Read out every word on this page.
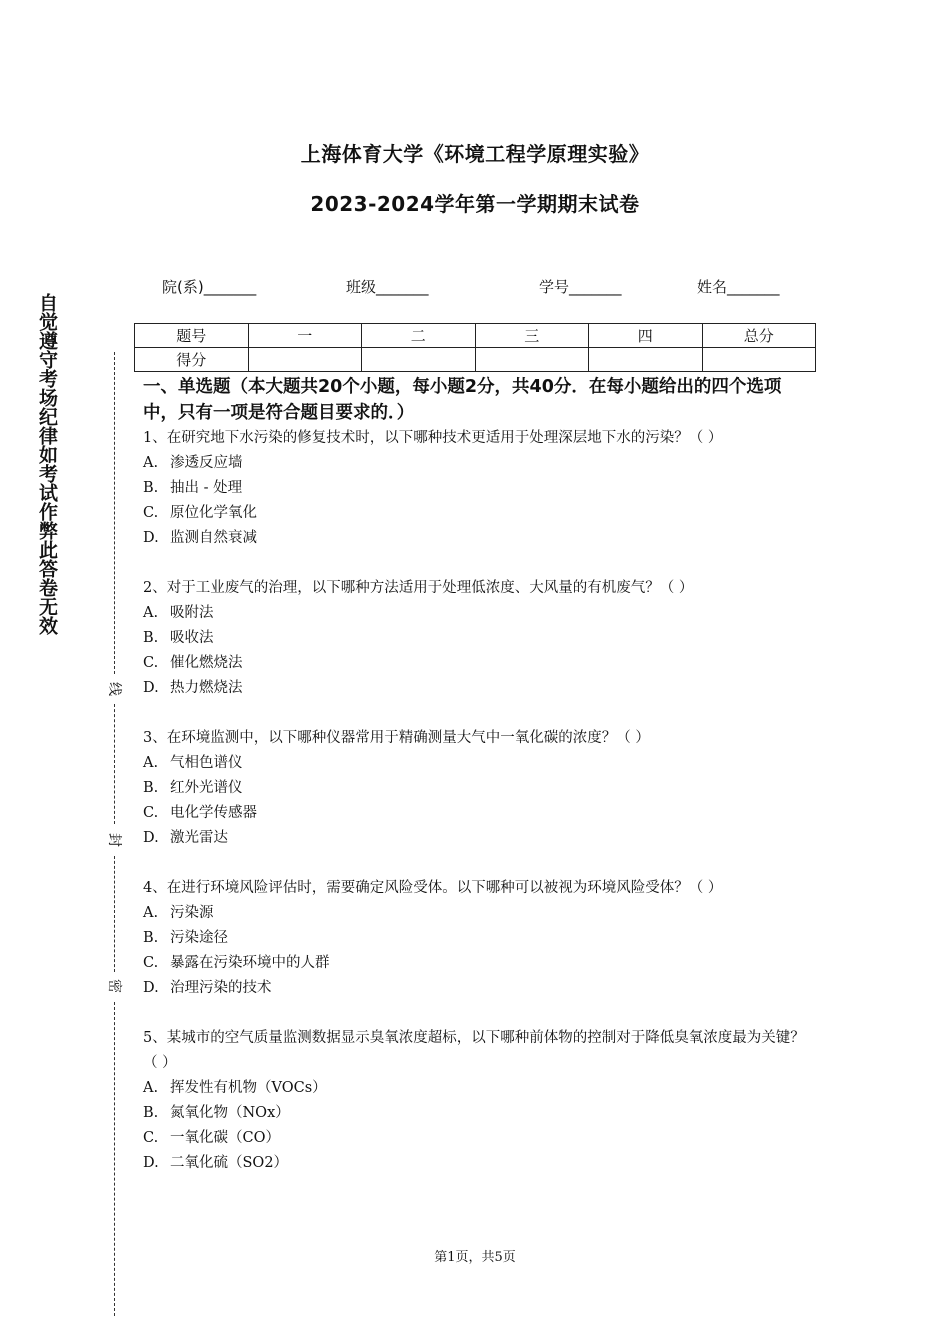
上海体育大学《环境工程学原理实验》
2023-2024学年第一学期期末试卷
院(系)_______	班级_______	学号_______	姓名_______
题号	一	二	三	四	总分
得分					
自觉遵守考场纪律如考试作弊此答卷无效
线
封
密

一、单选题（本大题共20个小题，每小题2分，共40分．在每小题给出的四个选项中，只有一项是符合题目要求的．）

1、在研究地下水污染的修复技术时，以下哪种技术更适用于处理深层地下水的污染？（ ）

A. 渗透反应墙

B. 抽出 - 处理

C. 原位化学氧化

D. 监测自然衰减

2、对于工业废气的治理，以下哪种方法适用于处理低浓度、大风量的有机废气？（ ）

A. 吸附法

B. 吸收法

C. 催化燃烧法

D. 热力燃烧法

3、在环境监测中，以下哪种仪器常用于精确测量大气中一氧化碳的浓度？（ ）

A. 气相色谱仪

B. 红外光谱仪

C. 电化学传感器

D. 激光雷达

4、在进行环境风险评估时，需要确定风险受体。以下哪种可以被视为环境风险受体？（ ）

A. 污染源

B. 污染途径

C. 暴露在污染环境中的人群

D. 治理污染的技术

5、某城市的空气质量监测数据显示臭氧浓度超标，以下哪种前体物的控制对于降低臭氧浓度最为关键？（ ）

A. 挥发性有机物（VOCs）

B. 氮氧化物（NOx）

C. 一氧化碳（CO）

D. 二氧化硫（SO2）

第1页，共5页
